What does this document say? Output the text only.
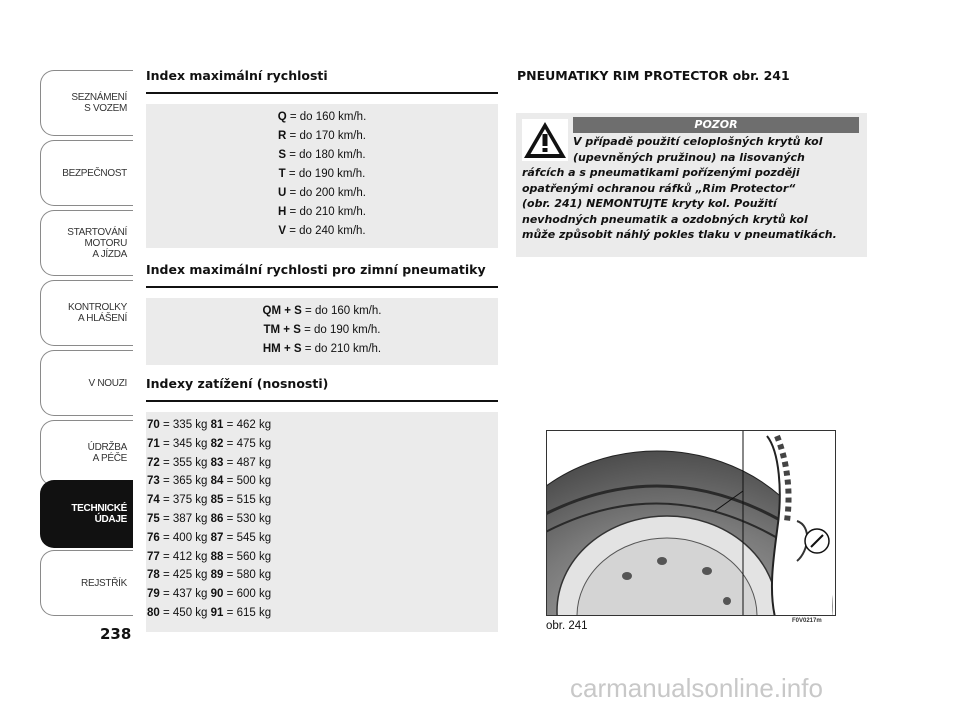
SEZNÁMENÍ
S VOZEM
BEZPEČNOST
STARTOVÁNÍ
MOTORU
A JÍZDA
KONTROLKY
A HLÁŠENÍ
V NOUZI
ÚDRŽBA
A PÉČE
TECHNICKÉ
ÚDAJE
REJSTŘÍK
238
Index maximální rychlosti
Q = do 160 km/h.
R = do 170 km/h.
S = do 180 km/h.
T = do 190 km/h.
U = do 200 km/h.
H = do 210 km/h.
V = do 240 km/h.
Index maximální rychlosti pro zimní pneumatiky
QM + S = do 160 km/h.
TM + S = do 190 km/h.
HM + S = do 210 km/h.
Indexy zatížení (nosnosti)
70 = 335 kg 81 = 462 kg
71 = 345 kg 82 = 475 kg
72 = 355 kg 83 = 487 kg
73 = 365 kg 84 = 500 kg
74 = 375 kg 85 = 515 kg
75 = 387 kg 86 = 530 kg
76 = 400 kg 87 = 545 kg
77 = 412 kg 88 = 560 kg
78 = 425 kg 89 = 580 kg
79 = 437 kg 90 = 600 kg
80 = 450 kg 91 = 615 kg
PNEUMATIKY RIM PROTECTOR obr. 241
POZOR
V případě použití celoplošných krytů kol
(upevněných pružinou) na lisovaných
ráfcích a s pneumatikami pořízenými později
opatřenými ochranou ráfků „Rim Protector“
(obr. 241) NEMONTUJTE kryty kol. Použití
nevhodných pneumatik a ozdobných krytů kol
může způsobit náhlý pokles tlaku v pneumatikách.
obr. 241	F0V0217m
carmanualsonline.info
